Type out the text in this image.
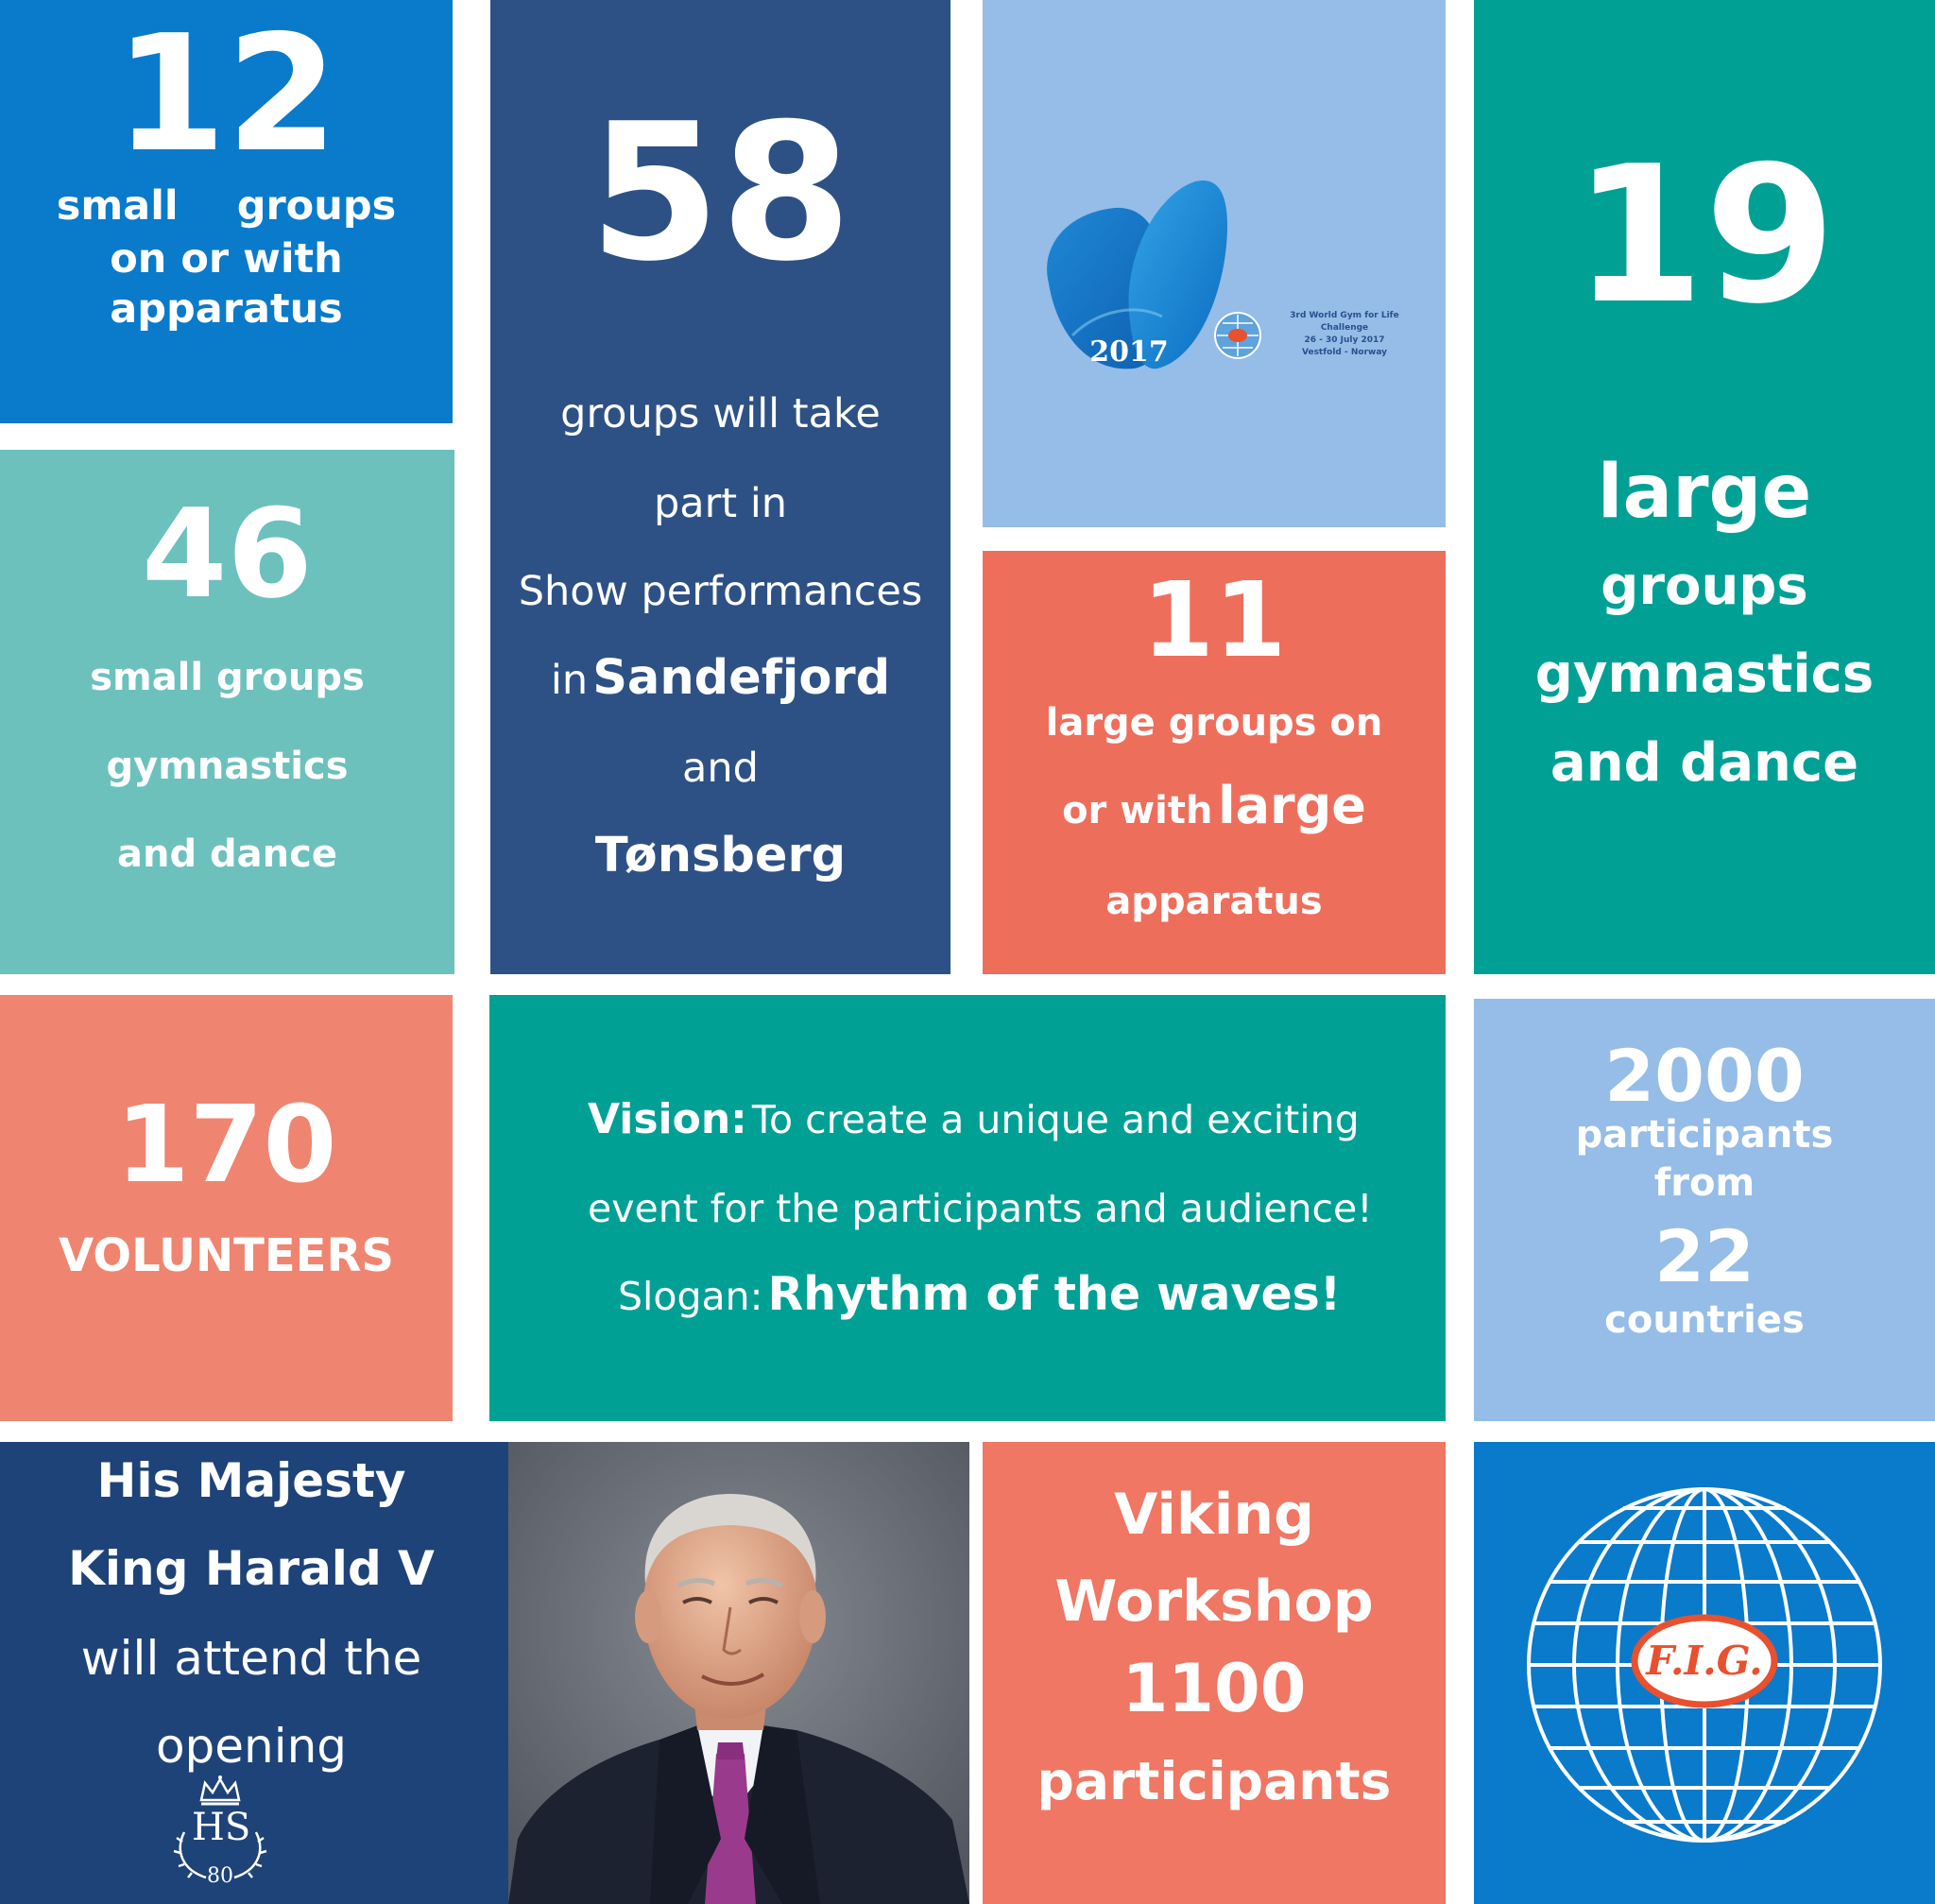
12
small groups
on or with
apparatus
58
groups will take
part in
Show performances
in Sandefjord
and
Tønsberg
2017
3rd World Gym for Life
Challenge
26 - 30 July 2017
Vestfold - Norway
19
large
groups
gymnastics
and dance
46
small groups
gymnastics
and dance
11
large groups on
or with large
apparatus
170
VOLUNTEERS
Vision: To create a unique and exciting
event for the participants and audience!
Slogan: Rhythm of the waves!
2000
participants
from
22
countries
His Majesty
King Harald V
will attend the
opening
HS
80
Viking
Workshop
1100
participants
F.I.G.
